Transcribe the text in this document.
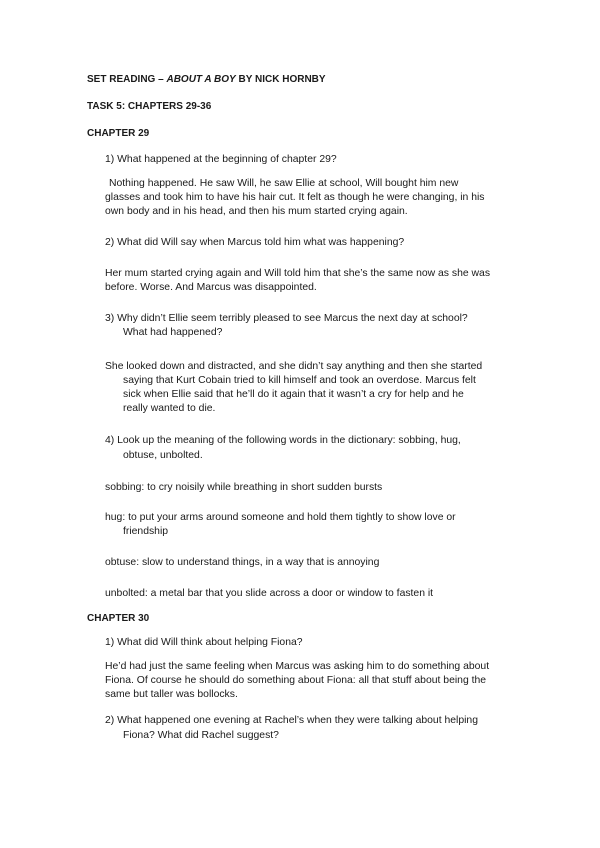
SET READING – ABOUT A BOY BY NICK HORNBY
TASK 5: CHAPTERS 29-36
CHAPTER 29
1) What happened at the beginning of chapter 29?
Nothing happened. He saw Will, he saw Ellie at school, Will bought him new
glasses and took him to have his hair cut. It felt as though he were changing, in his
own body and in his head, and then his mum started crying again.
2) What did Will say when Marcus told him what was happening?
Her mum started crying again and Will told him that she’s the same now as she was
before. Worse. And Marcus was disappointed.
3) Why didn’t Ellie seem terribly pleased to see Marcus the next day at school?
What had happened?
She looked down and distracted, and she didn’t say anything and then she started
saying that Kurt Cobain tried to kill himself and took an overdose. Marcus felt
sick when Ellie said that he’ll do it again that it wasn’t a cry for help and he
really wanted to die.
4) Look up the meaning of the following words in the dictionary: sobbing, hug,
obtuse, unbolted.
sobbing: to cry noisily while breathing in short sudden bursts
hug: to put your arms around someone and hold them tightly to show love or
friendship
obtuse: slow to understand things, in a way that is annoying
unbolted: a metal bar that you slide across a door or window to fasten it
CHAPTER 30
1) What did Will think about helping Fiona?
He’d had just the same feeling when Marcus was asking him to do something about
Fiona. Of course he should do something about Fiona: all that stuff about being the
same but taller was bollocks.
2) What happened one evening at Rachel’s when they were talking about helping
Fiona? What did Rachel suggest?
